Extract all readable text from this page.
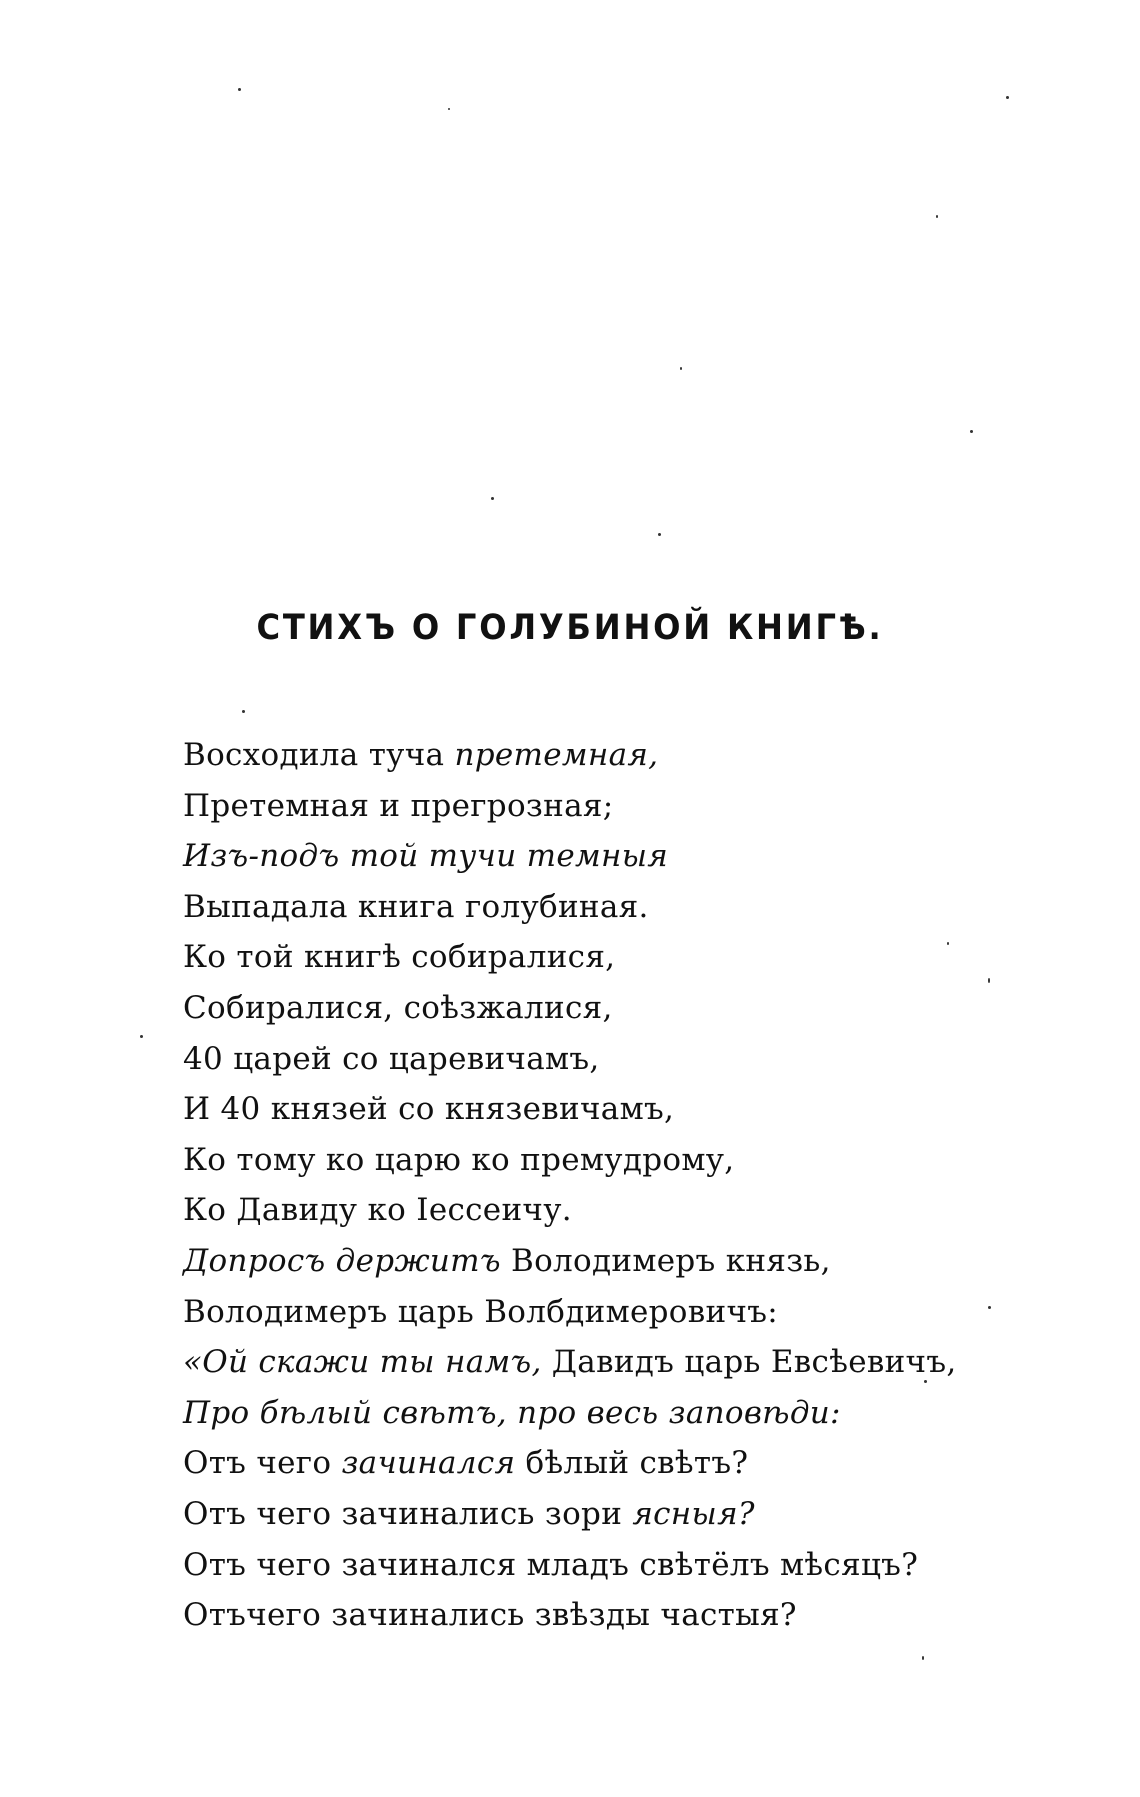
СТИХЪ О ГОЛУБИНОЙ КНИГѢ.
Восходила туча претемная,
Претемная и прегрозная;
Изъ-подъ той тучи темныя
Выпадала книга голубиная.
Ко той книгѣ собиралися,
Собиралися, соѣзжалися,
40 царей со царевичамъ,
И 40 князей со князевичамъ,
Ко тому ко царю ко премудрому,
Ко Давиду ко Іессеичу.
Допросъ держитъ Володимеръ князь,
Володимеръ царь Волбдимеровичъ:
«Ой скажи ты намъ, Давидъ царь Евсѣевичъ,
Про бѣлый свѣтъ, про весь заповѣди:
Отъ чего зачинался бѣлый свѣтъ?
Отъ чего зачинались зори ясныя?
Отъ чего зачинался младъ свѣтёлъ мѣсяцъ?
Отъчего зачинались звѣзды частыя?
